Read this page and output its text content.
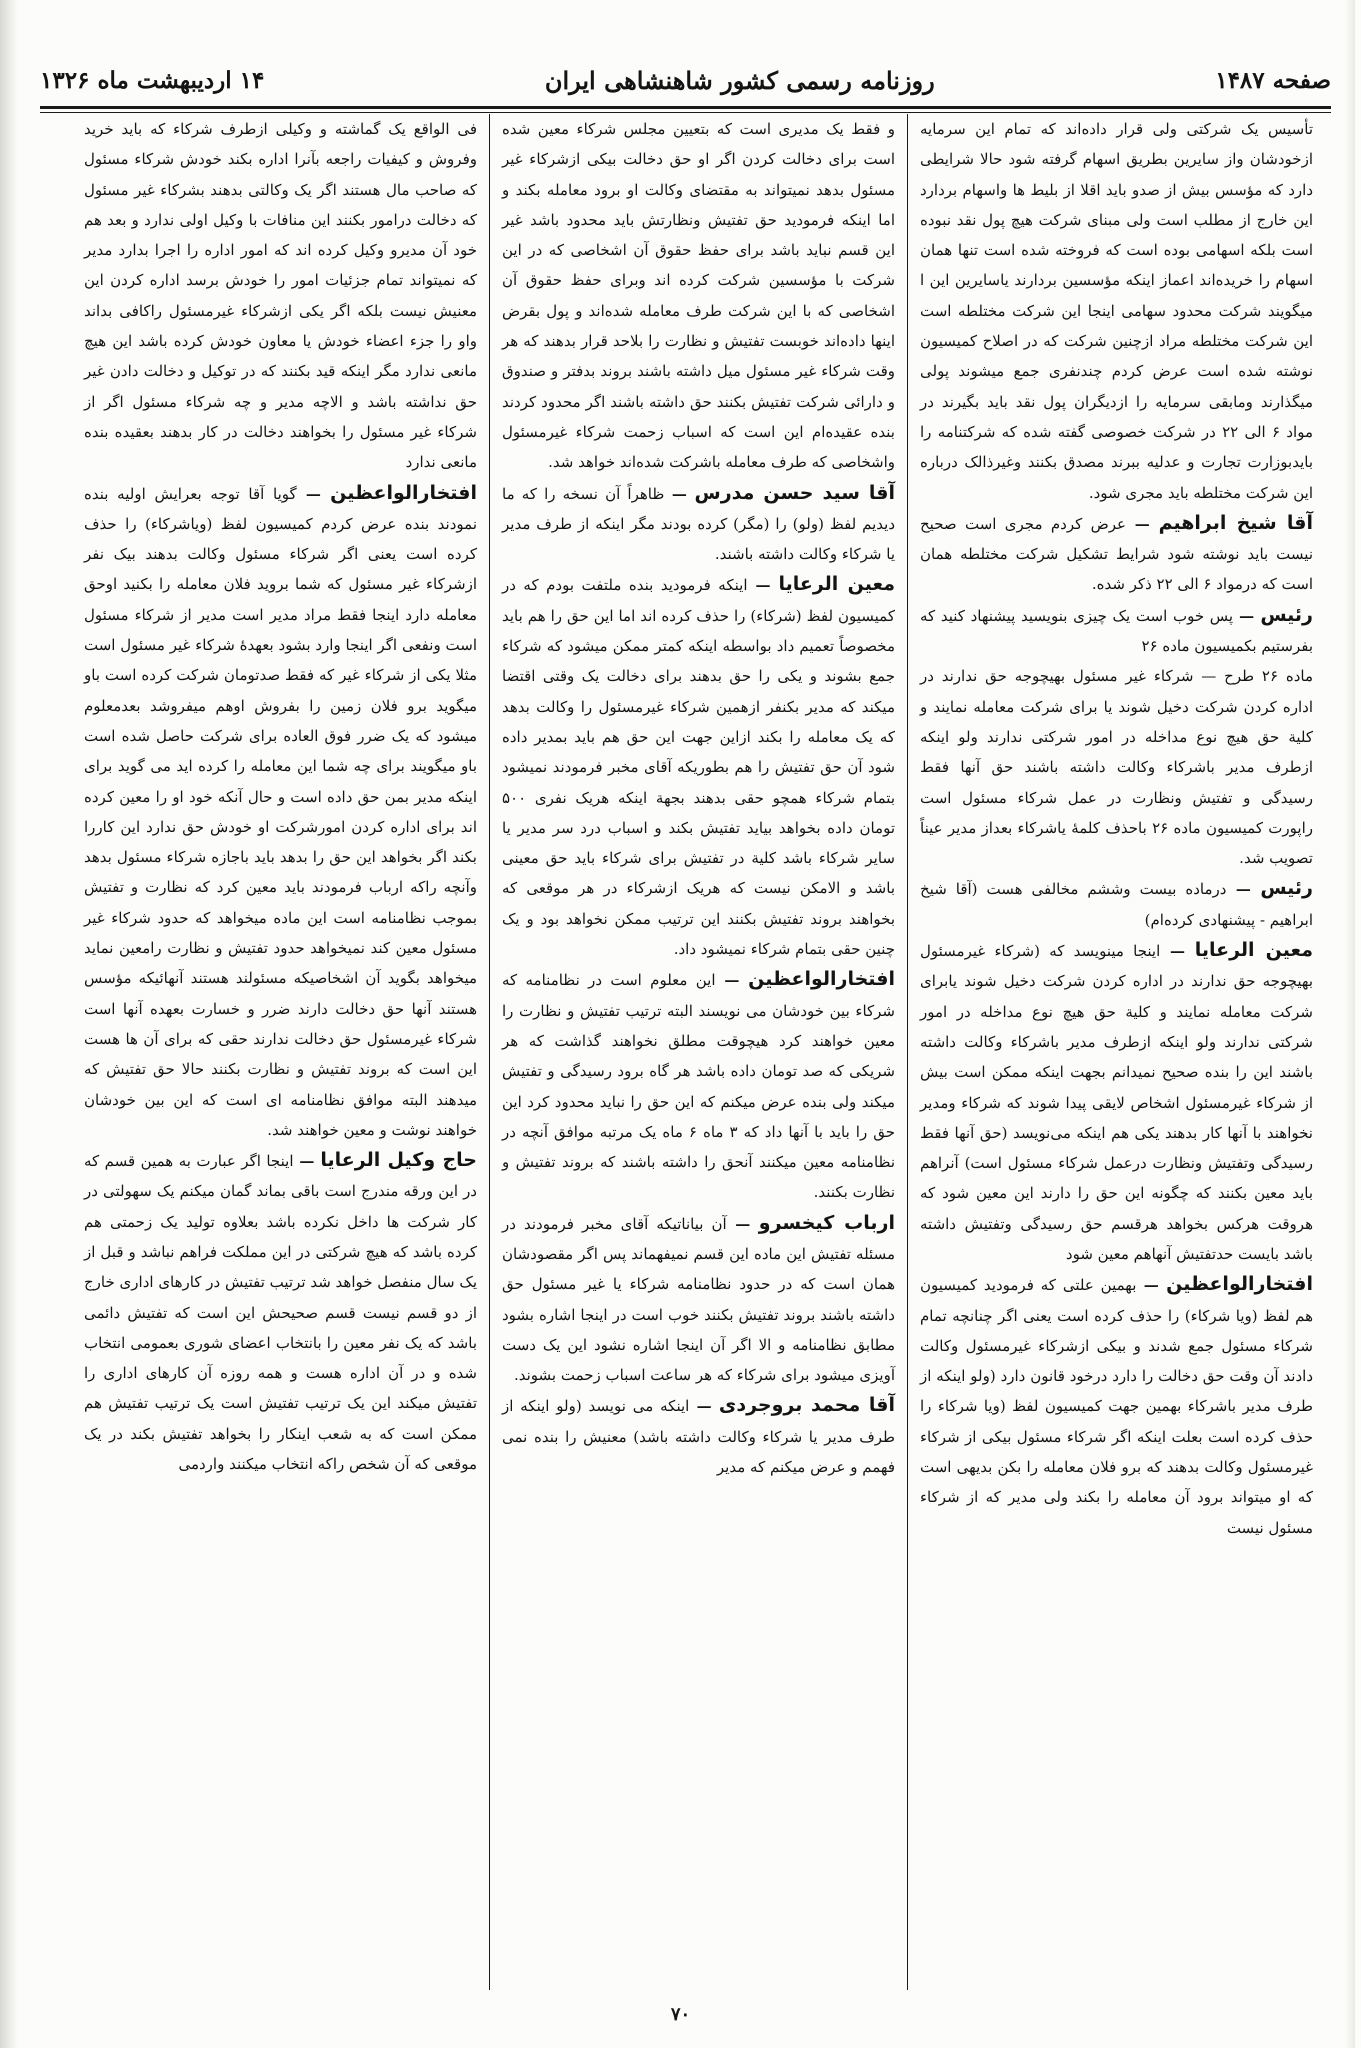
صفحه ۱۴۸۷
روزنامه رسمی کشور شاهنشاهی ایران
۱۴ اردیبهشت ماه ۱۳۲۶

تأسیس یک شرکتی ولی قرار داده‌اند که تمام این سرمایه ازخودشان واز سایرین بطریق اسهام گرفته شود حالا شرایطی دارد که مؤسس بیش از صدو باید اقلا از بلیط ها واسهام بردارد این خارج از مطلب است ولی مبنای شرکت هیچ پول نقد نبوده است بلکه اسهامی بوده است که فروخته شده است تنها همان اسهام را خریده‌اند اعماز اینکه مؤسسین بردارند یاسایرین این ا میگویند شرکت محدود سهامی اینجا این شرکت مختلطه است این شرکت مختلطه مراد ازچنین شرکت که در اصلاح کمیسیون نوشته شده است عرض کردم چندنفری جمع میشوند پولی میگذارند ومابقی سرمایه را ازدیگران پول نقد باید بگیرند در مواد ۶ الی ۲۲ در شرکت خصوصی گفته شده که شرکتنامه را بایدبوزارت تجارت و عدلیه ببرند مصدق بکنند وغیرذالک درباره این شرکت مختلطه باید مجری شود.

آقا شیخ ابراهیم — عرض کردم مجری است صحیح نیست باید نوشته شود شرایط تشکیل شرکت مختلطه همان است که درمواد ۶ الی ۲۲ ذکر شده.

رئیس — پس خوب است یک چیزی بنویسید پیشنهاد کنید که بفرستیم بکمیسیون ماده ۲۶

ماده ۲۶ طرح — شرکاء غیر مسئول بهیچوجه حق ندارند در اداره کردن شرکت دخیل شوند یا برای شرکت معامله نمایند و کلیة حق هیچ نوع مداخله در امور شرکتی ندارند ولو اینکه ازطرف مدیر باشرکاء وکالت داشته باشند حق آنها فقط رسیدگی و تفتیش ونظارت در عمل شرکاء مسئول است راپورت کمیسیون ماده ۲۶ باحذف کلمهٔ یاشرکاء بعداز مدیر عیناً تصویب شد.

رئیس — درماده بیست وششم مخالفی هست (آقا شیخ ابراهیم - پیشنهادی کرده‌ام)

معین الرعایا — اینجا مینویسد که (شرکاء غیرمسئول بهیچوجه حق ندارند در اداره کردن شرکت دخیل شوند یابرای شرکت معامله نمایند و کلیة حق هیچ نوع مداخله در امور شرکتی ندارند ولو اینکه ازطرف مدیر باشرکاء وکالت داشته باشند این را بنده صحیح نمیدانم بجهت اینکه ممکن است بیش از شرکاء غیرمسئول اشخاص لایقی پیدا شوند که شرکاء ومدیر نخواهند با آنها کار بدهند یکی هم اینکه می‌نویسد (حق آنها فقط رسیدگی وتفتیش ونظارت درعمل شرکاء مسئول است) آنراهم باید معین بکنند که چگونه این حق را دارند این معین شود که هروقت هرکس بخواهد هرقسم حق رسیدگی وتفتیش داشته باشد بایست حدتفتیش آنهاهم معین شود

افتخارالواعظین — بهمین علتی که فرمودید کمیسیون هم لفظ (ویا شرکاء) را حذف کرده است یعنی اگر چنانچه تمام شرکاء مسئول جمع شدند و بیکی ازشرکاء غیرمسئول وکالت دادند آن وقت حق دخالت را دارد درخود قانون دارد (ولو اینکه از طرف مدیر باشرکاء بهمین جهت کمیسیون لفظ (ویا شرکاء را حذف کرده است بعلت اینکه اگر شرکاء مسئول بیکی از شرکاء غیرمسئول وکالت بدهند که برو فلان معامله را بکن بدیهی است که او میتواند برود آن معامله را بکند ولی مدیر که از شرکاء مسئول نیست

و فقط یک مدیری است که بتعیین مجلس شرکاء معین شده است برای دخالت کردن اگر او حق دخالت بیکی ازشرکاء غیر مسئول بدهد نمیتواند به مقتضای وکالت او برود معامله بکند و اما اینکه فرمودید حق تفتیش ونظارتش باید محدود باشد غیر این قسم نباید باشد برای حفظ حقوق آن اشخاصی که در این شرکت با مؤسسین شرکت کرده اند وبرای حفظ حقوق آن اشخاصی که با این شرکت طرف معامله شده‌اند و پول بقرض اینها داده‌اند خوبست تفتیش و نظارت را بلاحد قرار بدهند که هر وقت شرکاء غیر مسئول میل داشته باشند بروند بدفتر و صندوق و دارائی شرکت تفتیش بکنند حق داشته باشند اگر محدود کردند بنده عقیده‌ام این است که اسباب زحمت شرکاء غیرمسئول واشخاصی که طرف معامله باشرکت شده‌اند خواهد شد.

آقا سید حسن مدرس — ظاهراً آن نسخه را که ما دیدیم لفظ (ولو) را (مگر) کرده بودند مگر اینکه از طرف مدیر یا شرکاء وکالت داشته باشند.

معین الرعایا — اینکه فرمودید بنده ملتفت بودم که در کمیسیون لفظ (شرکاء) را حذف کرده اند اما این حق را هم باید مخصوصاً تعمیم داد بواسطه اینکه کمتر ممکن میشود که شرکاء جمع بشوند و یکی را حق بدهند برای دخالت یک وقتی اقتضا میکند که مدیر بکنفر ازهمین شرکاء غیرمسئول را وکالت بدهد که یک معامله را بکند ازاین جهت این حق هم باید بمدیر داده شود آن حق تفتیش را هم بطوریکه آقای مخبر فرمودند نمیشود بتمام شرکاء همچو حقی بدهند بجهة اینکه هریک نفری ۵۰۰ تومان داده بخواهد بیاید تفتیش بکند و اسباب درد سر مدیر یا سایر شرکاء باشد کلیة در تفتیش برای شرکاء باید حق معینی باشد و الامکن نیست که هریک ازشرکاء در هر موقعی که بخواهند بروند تفتیش بکنند این ترتیب ممکن نخواهد بود و یک چنین حقی بتمام شرکاء نمیشود داد.

افتخارالواعظین — این معلوم است در نظامنامه که شرکاء بین خودشان می نویسند البته ترتیب تفتیش و نظارت را معین خواهند کرد هیچوقت مطلق نخواهند گذاشت که هر شریکی که صد تومان داده باشد هر گاه برود رسیدگی و تفتیش میکند ولی بنده عرض میکنم که این حق را نباید محدود کرد این حق را باید با آنها داد که ۳ ماه ۶ ماه یک مرتبه موافق آنچه در نظامنامه معین میکنند آنحق را داشته باشند که بروند تفتیش و نظارت بکنند.

ارباب کیخسرو — آن بیاناتیکه آقای مخبر فرمودند در مسئله تفتیش این ماده این قسم نمیفهماند پس اگر مقصودشان همان است که در حدود نظامنامه شرکاء یا غیر مسئول حق داشته باشند بروند تفتیش بکنند خوب است در اینجا اشاره بشود مطابق نظامنامه و الا اگر آن اینجا اشاره نشود این یک دست آویزی میشود برای شرکاء که هر ساعت اسباب زحمت بشوند.

آقا محمد بروجردی — اینکه می نویسد (ولو اینکه از طرف مدیر یا شرکاء وکالت داشته باشد) معنیش را بنده نمی فهمم و عرض میکنم که مدیر

فی الواقع یک گماشته و وکیلی ازطرف شرکاء که باید خرید وفروش و کیفیات راجعه بآنرا اداره بکند خودش شرکاء مسئول که صاحب مال هستند اگر یک وکالتی بدهند بشرکاء غیر مسئول که دخالت درامور بکنند این منافات با وکیل اولی ندارد و بعد هم خود آن مدیرو وکیل کرده اند که امور اداره را اجرا بدارد مدیر که نمیتواند تمام جزئیات امور را خودش برسد اداره کردن این معنیش نیست بلکه اگر یکی ازشرکاء غیرمسئول راکافی بداند واو را جزء اعضاء خودش یا معاون خودش کرده باشد این هیچ مانعی ندارد مگر اینکه قید بکنند که در توکیل و دخالت دادن غیر حق نداشته باشد و الاچه مدیر و چه شرکاء مسئول اگر از شرکاء غیر مسئول را بخواهند دخالت در کار بدهند بعقیده بنده مانعی ندارد

افتخارالواعظین — گویا آقا توجه بعرایش اولیه بنده نمودند بنده عرض کردم کمیسیون لفظ (ویاشرکاء) را حذف کرده است یعنی اگر شرکاء مسئول وکالت بدهند بیک نفر ازشرکاء غیر مسئول که شما بروید فلان معامله را بکنید اوحق معامله دارد اینجا فقط مراد مدیر است مدیر از شرکاء مسئول است ونفعی اگر اینجا وارد بشود بعهدهٔ شرکاء غیر مسئول است مثلا یکی از شرکاء غیر که فقط صدتومان شرکت کرده است باو میگوید برو فلان زمین را بفروش اوهم میفروشد بعدمعلوم میشود که یک ضرر فوق العاده برای شرکت حاصل شده است باو میگویند برای چه شما این معامله را کرده اید می گوید برای اینکه مدیر بمن حق داده است و حال آنکه خود او را معین کرده اند برای اداره کردن امورشرکت او خودش حق ندارد این کاررا بکند اگر بخواهد این حق را بدهد باید باجازه شرکاء مسئول بدهد وآنچه راکه ارباب فرمودند باید معین کرد که نظارت و تفتیش بموجب نظامنامه است این ماده میخواهد که حدود شرکاء غیر مسئول معین کند نمیخواهد حدود تفتیش و نظارت رامعین نماید میخواهد بگوید آن اشخاصیکه مسئولند هستند آنهائیکه مؤسس هستند آنها حق دخالت دارند ضرر و خسارت بعهده آنها است شرکاء غیرمسئول حق دخالت ندارند حقی که برای آن ها هست این است که بروند تفتیش و نظارت بکنند حالا حق تفتیش که میدهند البته موافق نظامنامه ای است که این بین خودشان خواهند نوشت و معین خواهند شد.

حاج وکیل الرعایا — اینجا اگر عبارت به همین قسم که در این ورقه مندرج است باقی بماند گمان میکنم یک سهولتی در کار شرکت ها داخل نکرده باشد بعلاوه تولید یک زحمتی هم کرده باشد که هیچ شرکتی در این مملکت فراهم نباشد و قبل از یک سال منفصل خواهد شد ترتیب تفتیش در کارهای اداری خارج از دو قسم نیست قسم صحیحش این است که تفتیش دائمی باشد که یک نفر معین را بانتخاب اعضای شوری بعمومی انتخاب شده و در آن اداره هست و همه روزه آن کارهای اداری را تفتیش میکند این یک ترتیب تفتیش است یک ترتیب تفتیش هم ممکن است که به شعب اینکار را بخواهد تفتیش بکند در یک موقعی که آن شخص راکه انتخاب میکنند واردمی

۷۰
